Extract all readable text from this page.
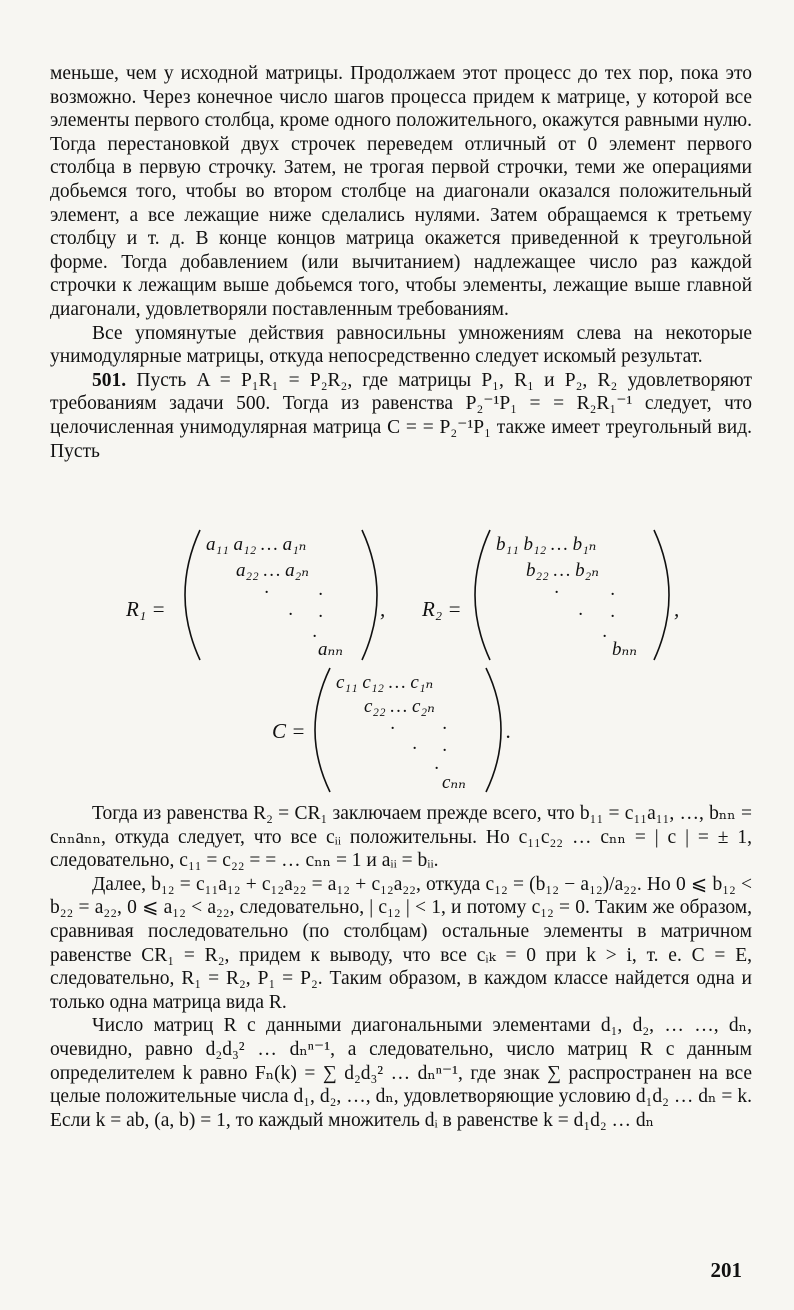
меньше, чем у исходной матрицы. Продолжаем этот процесс до тех пор, пока это возможно. Через конечное число шагов процесса придем к матрице, у которой все элементы первого столбца, кроме одного положительного, окажутся равными нулю. Тогда перестановкой двух строчек переведем отличный от 0 элемент первого столбца в первую строчку. Затем, не трогая первой строчки, теми же операциями добьемся того, чтобы во втором столбце на диагонали оказался положительный элемент, а все лежащие ниже сделались нулями. Затем обращаемся к третьему столбцу и т. д. В конце концов матрица окажется приведенной к треугольной форме. Тогда добавлением (или вычитанием) надлежащее число раз каждой строчки к лежащим выше добьемся того, чтобы элементы, лежащие выше главной диагонали, удовлетворяли поставленным требованиям.

Все упомянутые действия равносильны умножениям слева на некоторые унимодулярные матрицы, откуда непосредственно следует искомый результат.

501. Пусть A = P₁R₁ = P₂R₂, где матрицы P₁, R₁ и P₂, R₂ удовлетворяют требованиям задачи 500. Тогда из равенства P₂⁻¹P₁ = = R₂R₁⁻¹ следует, что целочисленная унимодулярная матрица C = = P₂⁻¹P₁ также имеет треугольный вид. Пусть

R₁ =
a₁₁ a₁₂ … a₁ₙ
a₂₂ … a₂ₙ
·
·
·
·
·
aₙₙ
, R₂ =
b₁₁ b₁₂ … b₁ₙ
b₂₂ … b₂ₙ
·
·
·
·
·
bₙₙ
,
C =
c₁₁ c₁₂ … c₁ₙ
c₂₂ … c₂ₙ
·
·
·
·
·
cₙₙ
.

Тогда из равенства R₂ = CR₁ заключаем прежде всего, что b₁₁ = c₁₁a₁₁, …, bₙₙ = cₙₙaₙₙ, откуда следует, что все cᵢᵢ положительны. Но c₁₁c₂₂ … cₙₙ = | c | = ± 1, следовательно, c₁₁ = c₂₂ = = … cₙₙ = 1 и aᵢᵢ = bᵢᵢ.

Далее, b₁₂ = c₁₁a₁₂ + c₁₂a₂₂ = a₁₂ + c₁₂a₂₂, откуда c₁₂ = (b₁₂ − a₁₂)/a₂₂. Но 0 ⩽ b₁₂ < b₂₂ = a₂₂, 0 ⩽ a₁₂ < a₂₂, следовательно, | c₁₂ | < 1, и потому c₁₂ = 0. Таким же образом, сравнивая последовательно (по столбцам) остальные элементы в матричном равенстве CR₁ = R₂, придем к выводу, что все cᵢₖ = 0 при k > i, т. е. C = E, следовательно, R₁ = R₂, P₁ = P₂. Таким образом, в каждом классе найдется одна и только одна матрица вида R.

Число матриц R с данными диагональными элементами d₁, d₂, … …, dₙ, очевидно, равно d₂d₃² … dₙⁿ⁻¹, а следовательно, число матриц R с данным определителем k равно Fₙ(k) = ∑ d₂d₃² … dₙⁿ⁻¹, где знак ∑ распространен на все целые положительные числа d₁, d₂, …, dₙ, удовлетворяющие условию d₁d₂ … dₙ = k. Если k = ab, (a, b) = 1, то каждый множитель dᵢ в равенстве k = d₁d₂ … dₙ

201
